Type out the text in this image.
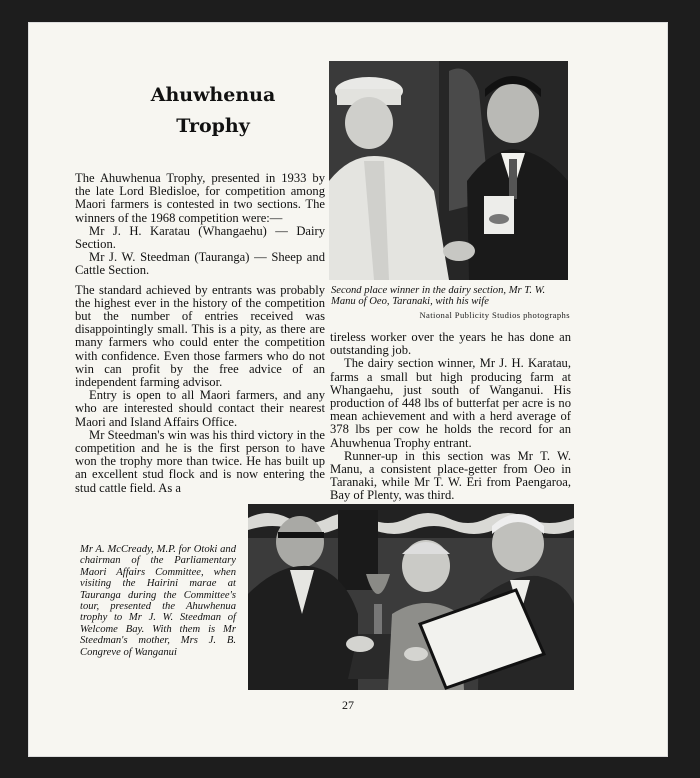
Ahuwhenua
Trophy

The Ahuwhenua Trophy, presented in 1933 by the late Lord Bledisloe, for competition among Maori farmers is contested in two sections. The winners of the 1968 competition were:—

Mr J. H. Karatau (Whangaehu) — Dairy Section.

Mr J. W. Steedman (Tauranga) — Sheep and Cattle Section.

The standard achieved by entrants was probably the highest ever in the history of the competition but the number of entries received was disappointingly small. This is a pity, as there are many farmers who could enter the competition with confidence. Even those farmers who do not win can profit by the free advice of an independent farming advisor.

Entry is open to all Maori farmers, and any who are interested should contact their nearest Maori and Island Affairs Office.

Mr Steedman's win was his third victory in the competition and he is the first person to have won the trophy more than twice. He has built up an excellent stud flock and is now entering the stud cattle field. As a

Second place winner in the dairy section, Mr T. W. Manu of Oeo, Taranaki, with his wife
National Publicity Studios photographs

tireless worker over the years he has done an outstanding job.

The dairy section winner, Mr J. H. Karatau, farms a small but high producing farm at Whangaehu, just south of Wanganui. His production of 448 lbs of butterfat per acre is no mean achievement and with a herd average of 378 lbs per cow he holds the record for an Ahuwhenua Trophy entrant.

Runner-up in this section was Mr T. W. Manu, a consistent place-getter from Oeo in Taranaki, while Mr T. W. Eri from Paengaroa, Bay of Plenty, was third.

Mr A. McCready, M.P. for Otoki and chairman of the Parliamentary Maori Affairs Committee, when visiting the Hairini marae at Tauranga during the Committee's tour, presented the Ahuwhenua trophy to Mr J. W. Steedman of Welcome Bay. With them is Mr Steedman's mother, Mrs J. B. Congreve of Wanganui
27
